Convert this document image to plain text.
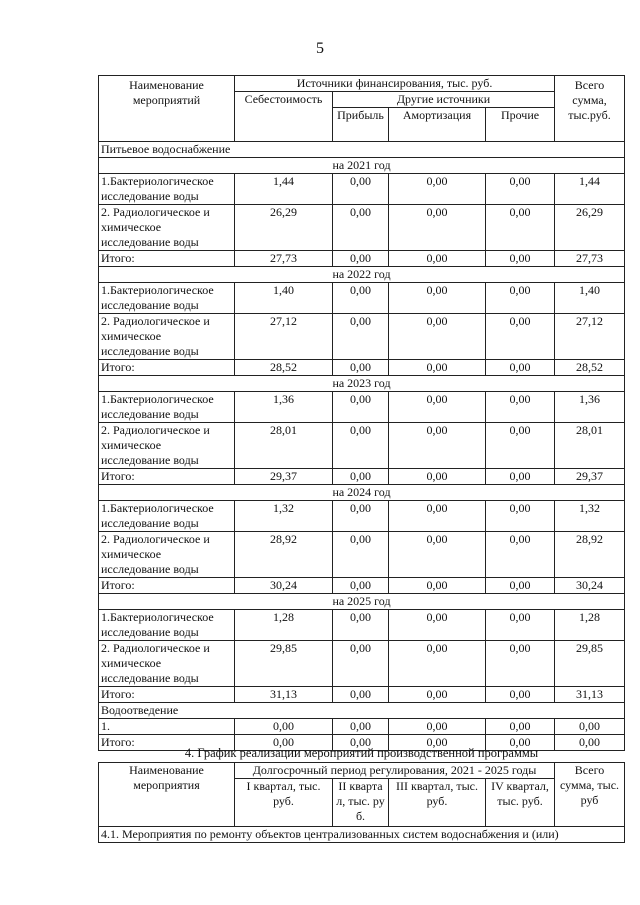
5
Наименование мероприятий	Источники финансирования, тыс. руб.				Всего сумма, тыс.руб.
	Себестоимость	Другие источники			
		Прибыль	Амортизация	Прочие	
Питьевое водоснабжение					
на 2021 год					
1.Бактериологическое исследование воды	1,44	0,00	0,00	0,00	1,44
2. Радиологическое и химическое исследование воды	26,29	0,00	0,00	0,00	26,29
Итого:	27,73	0,00	0,00	0,00	27,73
на 2022 год					
1.Бактериологическое исследование воды	1,40	0,00	0,00	0,00	1,40
2. Радиологическое и химическое исследование воды	27,12	0,00	0,00	0,00	27,12
Итого:	28,52	0,00	0,00	0,00	28,52
на 2023 год					
1.Бактериологическое исследование воды	1,36	0,00	0,00	0,00	1,36
2. Радиологическое и химическое исследование воды	28,01	0,00	0,00	0,00	28,01
Итого:	29,37	0,00	0,00	0,00	29,37
на 2024 год					
1.Бактериологическое исследование воды	1,32	0,00	0,00	0,00	1,32
2. Радиологическое и химическое исследование воды	28,92	0,00	0,00	0,00	28,92
Итого:	30,24	0,00	0,00	0,00	30,24
на 2025 год					
1.Бактериологическое исследование воды	1,28	0,00	0,00	0,00	1,28
2. Радиологическое и химическое исследование воды	29,85	0,00	0,00	0,00	29,85
Итого:	31,13	0,00	0,00	0,00	31,13
Водоотведение					
1.	0,00	0,00	0,00	0,00	0,00
Итого:	0,00	0,00	0,00	0,00	0,00
4. График реализации мероприятий производственной программы					
Наименование мероприятия	Долгосрочный период регулирования, 2021 - 2025 годы				Всего сумма, тыс. руб
	I квартал, тыс. руб.	II квартал, тыс. руб.	III квартал, тыс. руб.	IV квартал, тыс. руб.	
4.1. Мероприятия по ремонту объектов централизованных систем водоснабжения и (или)					
